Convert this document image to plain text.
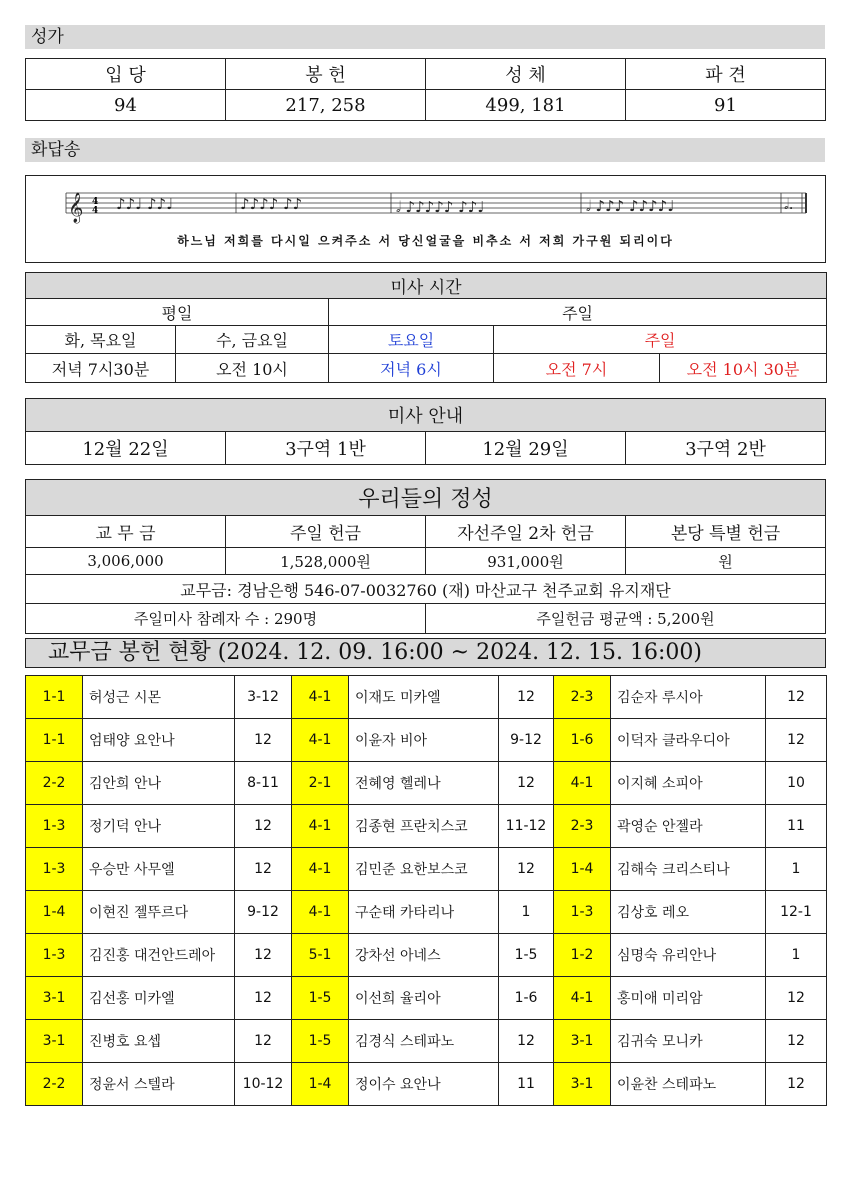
성가
입 당	봉 헌	성 체	파 견
94	217, 258	499, 181	91
화답송
𝄞 4
4 ♪♪♩ ♪♪♩	♪♪♪♪ ♪♪	𝅗𝅥 ♪♪♪♪♪ ♪♪♩	𝅗𝅥 ♪♪♪ ♪♪♪♪♩	𝅗𝅥.
하느님 저희를 다시일 으켜주소 서 당신얼굴을 비추소 서 저희 가구원 되리이다
미사 시간				
평일		주일		
화, 목요일	수, 금요일	토요일	주일	
저녁 7시30분	오전 10시	저녁 6시	오전 7시	오전 10시 30분
미사 안내
12월 22일	3구역 1반	12월 29일	3구역 2반
우리들의 정성			
교 무 금	주일 헌금	자선주일 2차 헌금	본당 특별 헌금
3,006,000	1,528,000원	931,000원	원
교무금: 경남은행 546-07-0032760 (재) 마산교구 천주교회 유지재단			
주일미사 참례자 수 : 290명		주일헌금 평균액 : 5,200원	
교무금 봉헌 현황 (2024. 12. 09. 16:00 ~ 2024. 12. 15. 16:00)
1-1	허성근 시몬	3-12	4-1	이재도 미카엘	12	2-3	김순자 루시아	12
1-1	엄태양 요안나	12	4-1	이윤자 비아	9-12	1-6	이덕자 클라우디아	12
2-2	김안희 안나	8-11	2-1	전혜영 헬레나	12	4-1	이지혜 소피아	10
1-3	정기덕 안나	12	4-1	김종현 프란치스코	11-12	2-3	곽영순 안젤라	11
1-3	우승만 사무엘	12	4-1	김민준 요한보스코	12	1-4	김해숙 크리스티나	1
1-4	이현진 젤뚜르다	9-12	4-1	구순태 카타리나	1	1-3	김상호 레오	12-1
1-3	김진홍 대건안드레아	12	5-1	강차선 아네스	1-5	1-2	심명숙 유리안나	1
3-1	김선홍 미카엘	12	1-5	이선희 율리아	1-6	4-1	홍미애 미리암	12
3-1	진병호 요셉	12	1-5	김경식 스테파노	12	3-1	김귀숙 모니카	12
2-2	정윤서 스텔라	10-12	1-4	정이수 요안나	11	3-1	이윤찬 스테파노	12
